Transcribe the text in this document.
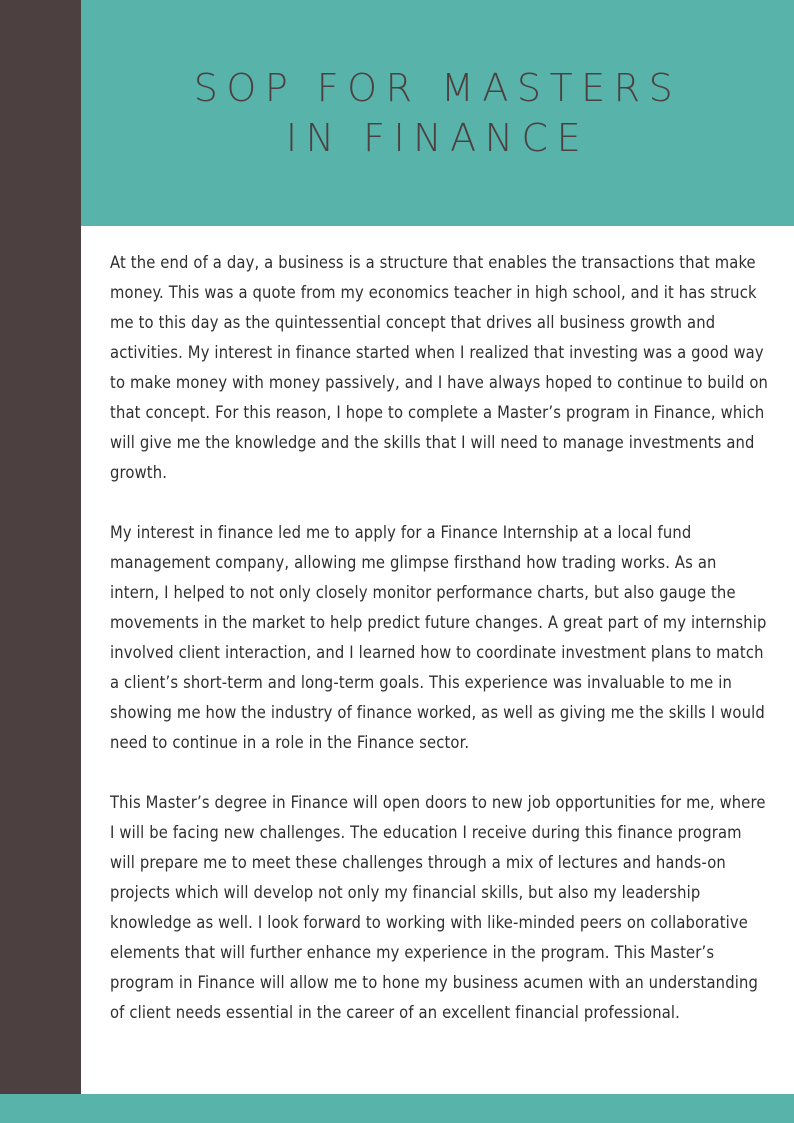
SOP FOR MASTERS IN FINANCE

At the end of a day, a business is a structure that enables the transactions that make money. This was a quote from my economics teacher in high school, and it has struck me to this day as the quintessential concept that drives all business growth and activities. My interest in finance started when I realized that investing was a good way to make money with money passively, and I have always hoped to continue to build on that concept. For this reason, I hope to complete a Master’s program in Finance, which will give me the knowledge and the skills that I will need to manage investments and growth.

My interest in finance led me to apply for a Finance Internship at a local fund management company, allowing me glimpse firsthand how trading works. As an intern, I helped to not only closely monitor performance charts, but also gauge the movements in the market to help predict future changes. A great part of my internship involved client interaction, and I learned how to coordinate investment plans to match a client’s short-term and long-term goals. This experience was invaluable to me in showing me how the industry of finance worked, as well as giving me the skills I would need to continue in a role in the Finance sector.

This Master’s degree in Finance will open doors to new job opportunities for me, where I will be facing new challenges. The education I receive during this finance program will prepare me to meet these challenges through a mix of lectures and hands-on projects which will develop not only my financial skills, but also my leadership knowledge as well. I look forward to working with like-minded peers on collaborative elements that will further enhance my experience in the program. This Master’s program in Finance will allow me to hone my business acumen with an understanding of client needs essential in the career of an excellent financial professional.
